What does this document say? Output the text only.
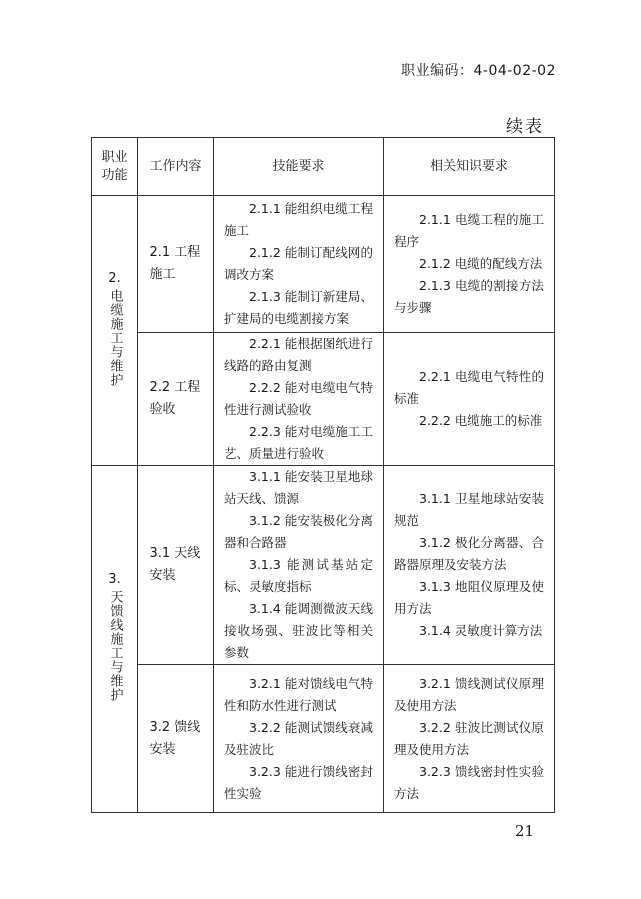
职业编码：4-04-02-02
续表
职业功能	工作内容	技能要求	相关知识要求

2.
电缆施工与维护	2.1 工程施工	2.1.1 能组织电缆工程施工
2.1.2 能制订配线网的调改方案
2.1.3 能制订新建局、扩建局的电缆割接方案	2.1.1 电缆工程的施工程序
2.1.2 电缆的配线方法
2.1.3 电缆的割接方法与步骤

	2.2 工程验收	2.2.1 能根据图纸进行线路的路由复测
2.2.2 能对电缆电气特性进行测试验收
2.2.3 能对电缆施工工艺、质量进行验收	2.2.1 电缆电气特性的标准
2.2.2 电缆施工的标准

3.
天馈线施工与维护	3.1 天线安装	3.1.1 能安装卫星地球站天线、馈源
3.1.2 能安装极化分离器和合路器
3.1.3 能测试基站定标、灵敏度指标
3.1.4 能调测微波天线接收场强、驻波比等相关参数	3.1.1 卫星地球站安装规范
3.1.2 极化分离器、合路器原理及安装方法
3.1.3 地阻仪原理及使用方法
3.1.4 灵敏度计算方法

	3.2 馈线安装	3.2.1 能对馈线电气特性和防水性进行测试
3.2.2 能测试馈线衰减及驻波比
3.2.3 能进行馈线密封性实验	3.2.1 馈线测试仪原理及使用方法
3.2.2 驻波比测试仪原理及使用方法
3.2.3 馈线密封性实验方法
21
